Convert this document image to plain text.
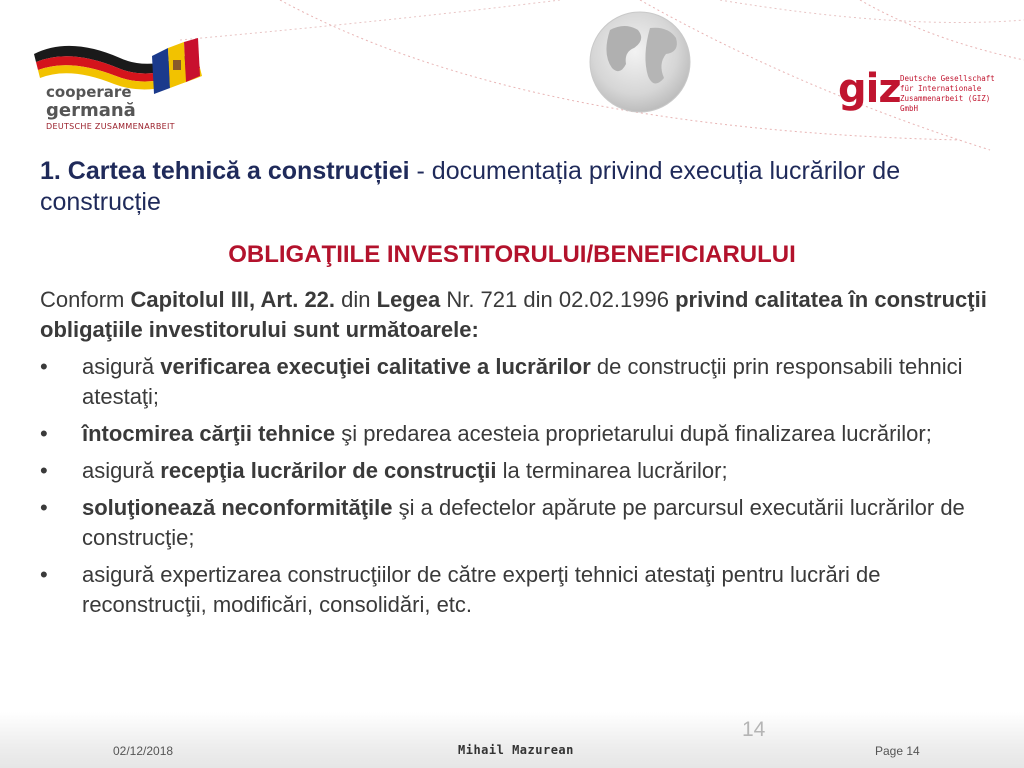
cooperare
germană
DEUTSCHE ZUSAMMENARBEIT
giz Deutsche Gesellschaft
für Internationale
Zusammenarbeit (GIZ) GmbH
1. Cartea tehnică a construcției - documentația privind execuția lucrărilor de construcție
OBLIGAŢIILE INVESTITORULUI/BENEFICIARULUI
Conform Capitolul III, Art. 22. din Legea Nr. 721 din 02.02.1996 privind calitatea în construcţii obligaţiile investitorului sunt următoarele:
• asigură verificarea execuţiei calitative a lucrărilor de construcţii prin responsabili tehnici atestaţi;
• întocmirea cărţii tehnice şi predarea acesteia proprietarului după finalizarea lucrărilor;
• asigură recepţia lucrărilor de construcţii la terminarea lucrărilor;
• soluţionează neconformităţile şi a defectelor apărute pe parcursul executării lucrărilor de construcţie;
• asigură expertizarea construcţiilor de către experţi tehnici atestaţi pentru lucrări de reconstrucţii, modificări, consolidări, etc.
14
02/12/2018	Mihail Mazurean	Page 14
